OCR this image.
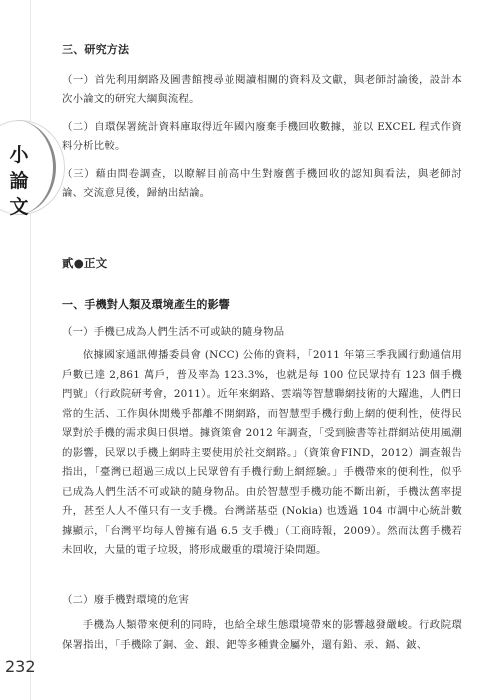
小論文
三、研究方法

（一）首先利用網路及圖書館搜尋並閱讀相關的資料及文獻，與老師討論後，設計本次小論文的研究大綱與流程。

（二）自環保署統計資料庫取得近年國內廢棄手機回收數據，並以 EXCEL 程式作資料分析比較。

（三）藉由問卷調查，以瞭解目前高中生對廢舊手機回收的認知與看法，與老師討論、交流意見後，歸納出結論。

貳●正文
一、手機對人類及環境產生的影響
（一）手機已成為人們生活不可或缺的隨身物品

依據國家通訊傳播委員會 (NCC) 公佈的資料，「2011 年第三季我國行動通信用戶數已達 2,861 萬戶，普及率為 123.3%，也就是每 100 位民眾持有 123 個手機門號」（行政院研考會，2011）。近年來網路、雲端等智慧聯網技術的大躍進，人們日常的生活、工作與休閒幾乎都離不開網路，而智慧型手機行動上網的便利性，使得民眾對於手機的需求與日俱增。據資策會 2012 年調查，「受到臉書等社群網站使用風潮的影響，民眾以手機上網時主要使用於社交網路。」（資策會FIND，2012）調查報告指出，「臺灣已超過三成以上民眾曾有手機行動上網經驗。」手機帶來的便利性，似乎已成為人們生活不可或缺的隨身物品。由於智慧型手機功能不斷出新，手機汰舊率提升，甚至人人不僅只有一支手機。台灣諾基亞 (Nokia) 也透過 104 市調中心統計數據顯示，「台灣平均每人曾擁有過 6.5 支手機」（工商時報，2009）。然而汰舊手機若未回收，大量的電子垃圾，將形成嚴重的環境汙染問題。

（二）廢手機對環境的危害

手機為人類帶來便利的同時，也給全球生態環境帶來的影響越發嚴峻。行政院環保署指出，「手機除了銅、金、銀、鈀等多種貴金屬外，還有鉛、汞、鎘、鈹、

232
